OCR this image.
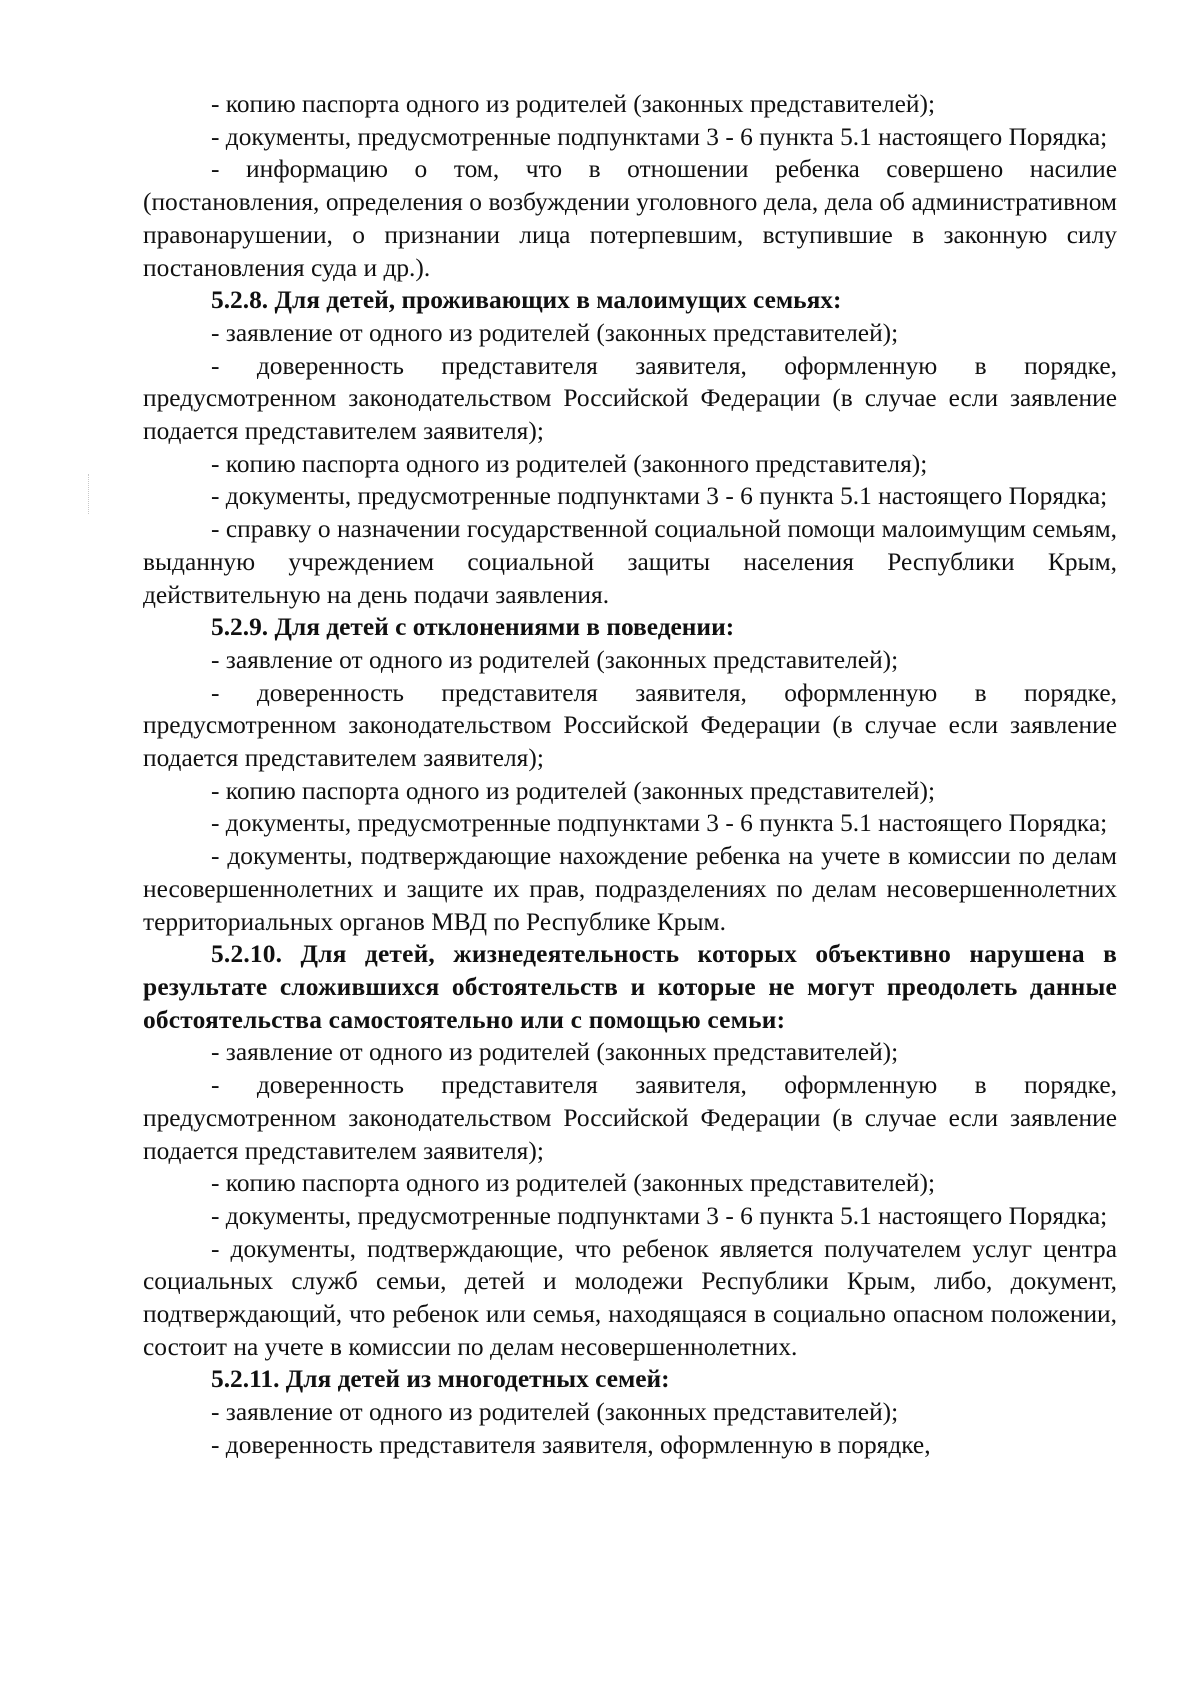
- копию паспорта одного из родителей (законных представителей);

- документы, предусмотренные подпунктами 3 - 6 пункта 5.1 настоящего Порядка;

- информацию о том, что в отношении ребенка совершено насилие (постановления, определения о возбуждении уголовного дела, дела об административном правонарушении, о признании лица потерпевшим, вступившие в законную силу постановления суда и др.).

5.2.8. Для детей, проживающих в малоимущих семьях:

- заявление от одного из родителей (законных представителей);

- доверенность представителя заявителя, оформленную в порядке, предусмотренном законодательством Российской Федерации (в случае если заявление подается представителем заявителя);

- копию паспорта одного из родителей (законного представителя);

- документы, предусмотренные подпунктами 3 - 6 пункта 5.1 настоящего Порядка;

- справку о назначении государственной социальной помощи малоимущим семьям, выданную учреждением социальной защиты населения Республики Крым, действительную на день подачи заявления.

5.2.9. Для детей с отклонениями в поведении:

- заявление от одного из родителей (законных представителей);

- доверенность представителя заявителя, оформленную в порядке, предусмотренном законодательством Российской Федерации (в случае если заявление подается представителем заявителя);

- копию паспорта одного из родителей (законных представителей);

- документы, предусмотренные подпунктами 3 - 6 пункта 5.1 настоящего Порядка;

- документы, подтверждающие нахождение ребенка на учете в комиссии по делам несовершеннолетних и защите их прав, подразделениях по делам несовершеннолетних территориальных органов МВД по Республике Крым.

5.2.10. Для детей, жизнедеятельность которых объективно нарушена в результате сложившихся обстоятельств и которые не могут преодолеть данные обстоятельства самостоятельно или с помощью семьи:

- заявление от одного из родителей (законных представителей);

- доверенность представителя заявителя, оформленную в порядке, предусмотренном законодательством Российской Федерации (в случае если заявление подается представителем заявителя);

- копию паспорта одного из родителей (законных представителей);

- документы, предусмотренные подпунктами 3 - 6 пункта 5.1 настоящего Порядка;

- документы, подтверждающие, что ребенок является получателем услуг центра социальных служб семьи, детей и молодежи Республики Крым, либо, документ, подтверждающий, что ребенок или семья, находящаяся в социально опасном положении, состоит на учете в комиссии по делам несовершеннолетних.

5.2.11. Для детей из многодетных семей:

- заявление от одного из родителей (законных представителей);

- доверенность представителя заявителя, оформленную в порядке,
